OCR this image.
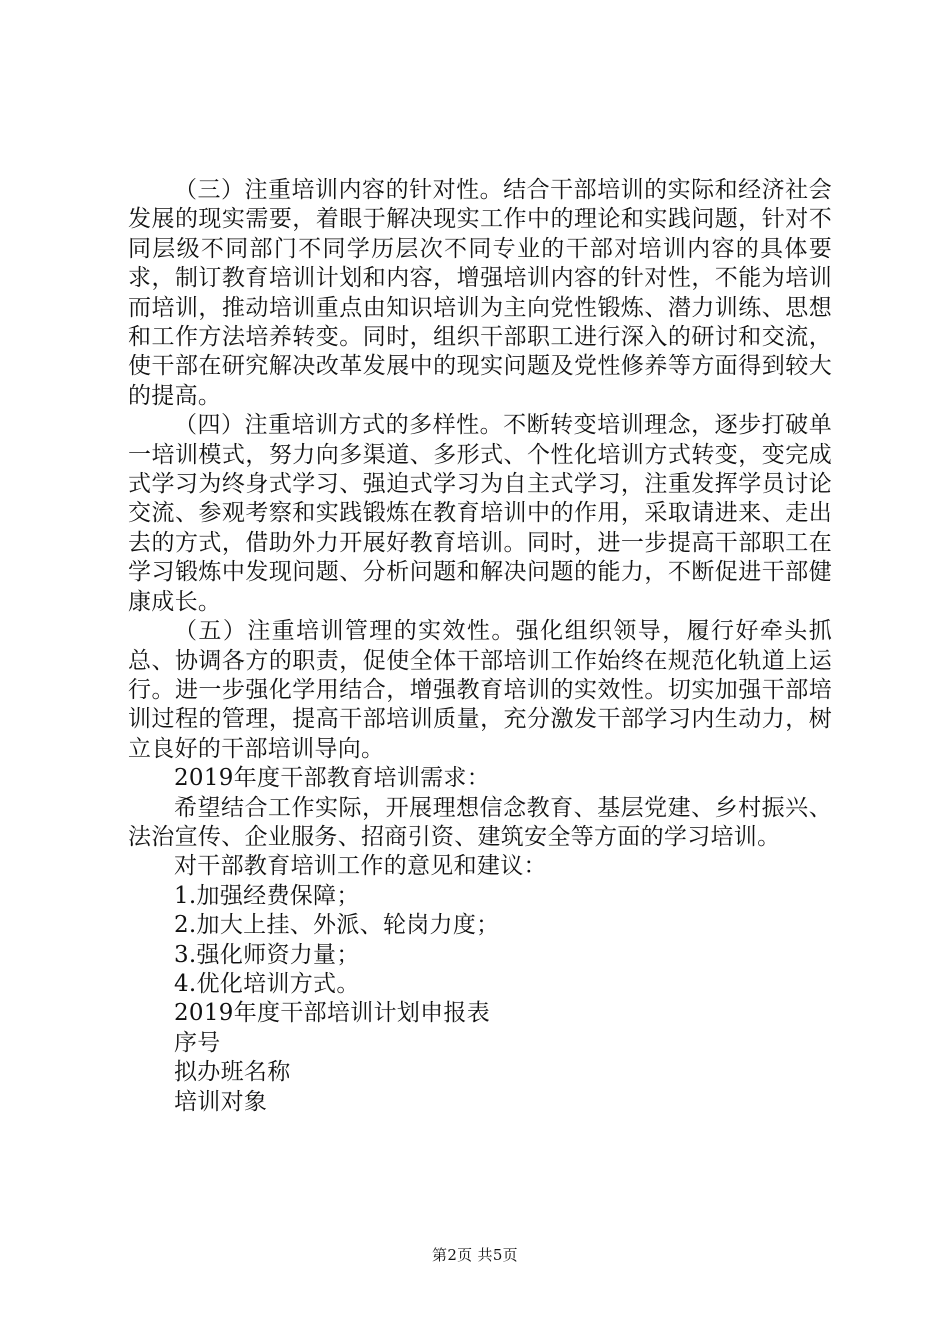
（三）注重培训内容的针对性。结合干部培训的实际和经济社会发展的现实需要，着眼于解决现实工作中的理论和实践问题，针对不同层级不同部门不同学历层次不同专业的干部对培训内容的具体要求，制订教育培训计划和内容，增强培训内容的针对性，不能为培训而培训，推动培训重点由知识培训为主向党性锻炼、潜力训练、思想和工作方法培养转变。同时，组织干部职工进行深入的研讨和交流，使干部在研究解决改革发展中的现实问题及党性修养等方面得到较大的提高。

（四）注重培训方式的多样性。不断转变培训理念，逐步打破单一培训模式，努力向多渠道、多形式、个性化培训方式转变，变完成式学习为终身式学习、强迫式学习为自主式学习，注重发挥学员讨论交流、参观考察和实践锻炼在教育培训中的作用，采取请进来、走出去的方式，借助外力开展好教育培训。同时，进一步提高干部职工在学习锻炼中发现问题、分析问题和解决问题的能力，不断促进干部健康成长。

（五）注重培训管理的实效性。强化组织领导，履行好牵头抓总、协调各方的职责，促使全体干部培训工作始终在规范化轨道上运行。进一步强化学用结合，增强教育培训的实效性。切实加强干部培训过程的管理，提高干部培训质量，充分激发干部学习内生动力，树立良好的干部培训导向。

2019年度干部教育培训需求：

希望结合工作实际，开展理想信念教育、基层党建、乡村振兴、法治宣传、企业服务、招商引资、建筑安全等方面的学习培训。

对干部教育培训工作的意见和建议：

1.加强经费保障；

2.加大上挂、外派、轮岗力度；

3.强化师资力量；

4.优化培训方式。

2019年度干部培训计划申报表

序号

拟办班名称

培训对象

第2页 共5页
